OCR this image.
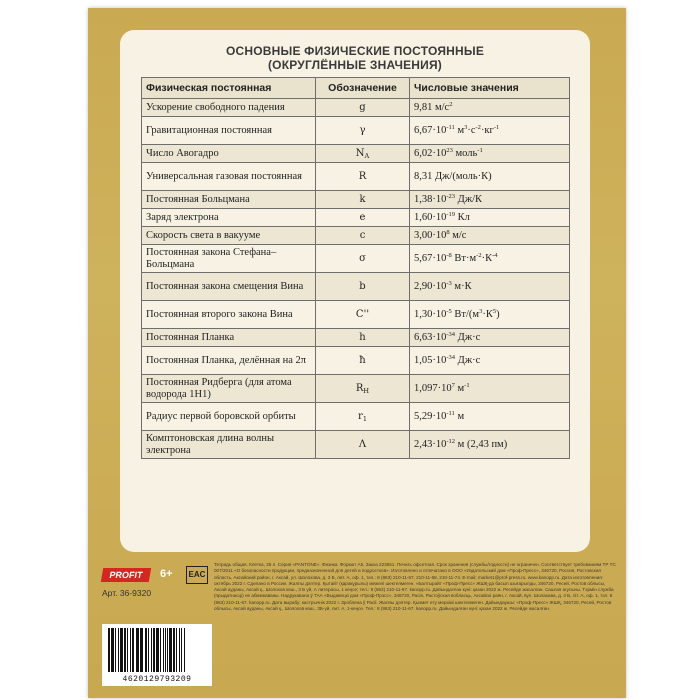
ОСНОВНЫЕ ФИЗИЧЕСКИЕ ПОСТОЯННЫЕ
(ОКРУГЛЁННЫЕ ЗНАЧЕНИЯ)
Физическая постоянная	Обозначение	Числовые значения
Ускорение свободного падения	g	9,81 $м/с^2$
Гравитационная постоянная	γ	$6,67\cdot 10^{-11}$ $м^3\cdot с^{-2}\cdot кг^{-1}$
Число Авогадро	$N_A$	$6,02\cdot 10^{23}$ моль$^{-1}$
Универсальная газовая постоянная	R	8,31 Дж/(моль·К)
Постоянная Больцмана	k	$1,38\cdot 10^{-23}$ Дж/К
Заряд электрона	e	$1,60\cdot 10^{-19}$ Кл
Скорость света в вакууме	c	$3,00\cdot 10^8$ м/с
Постоянная закона Стефана–Больцмана	σ	$5,67\cdot 10^{-8}$ $Вт\cdot м^{-2}\cdot К^{-4}$
Постоянная закона смещения Вина	b	$2,90\cdot 10^{-3}$ м·К
Постоянная второго закона Вина	C''	$1,30\cdot 10^{-5}$ $Вт/(м^3\cdot К^5)$
Постоянная Планка	h	$6,63\cdot 10^{-34}$ Дж·с
Постоянная Планка, делённая на 2π	ħ	$1,05\cdot 10^{-34}$ Дж·с
Постоянная Ридберга (для атома водорода 1Н1)	$R_H$	$1,097\cdot 10^7$ $м^{-1}$
Радиус первой боровской орбиты	$r_1$	$5,29\cdot 10^{-11}$ м
Комптоновская длина волны электрона	Λ	$2,43\cdot 10^{-12}$ м (2,43 пм)
PROFIT	6+	EAC
Арт. 36-9320
Тетрадь общая. Клетка, 36 л. Серия «PANTONE». Физика. Формат А5. Заказ 223651. Печать офсетная. Срок хранения (службы/годности) не ограничен. Соответствует требованиям ТР ТС 007/2011 «О безопасности продукции, предназначенной для детей и подростков». Изготовлено и отпечатано в ООО «Издательский дом «Проф-Пресс», 346720, Россия, Ростовская область, Аксайский район, г. Аксай, ул. Шолохова, д. 3 Б, лит. А, оф. 1, тел.: 8 (863) 210-11-67, 210-11-68, 210-11-74. E-mail: market1@prof-press.ru. www.kanopp.ru. Дата изготовления: октябрь 2022 г. Сделано в России. Жалпы дәптер. Қытайт (қаракұрылы) межелі шектелмеген. «Балтырайт «Проф-Пресс» ЖШҚ-да басып шығарылды, 346720, Ресей, Ростов облысы, Аксай ауданы, Аксай қ., Шолохов көш., 3 Б үй, А литерасы, 1 кеңсе; тел.: 8 (863) 210-11-67. kanopp.ru. Дайындалған күні: қазан 2022 ж. Ресейде жасалған. Сашгая агульны. Тэрмін служба (прыдатнасці) не абмежаваны. Надрукавана ў ТАА «Выдавецкі дом «Проф-Прэсс», 346720, Расія, Растоўская вобласць, Аксайскі раён, г. Аксай, вул. Шолахава, д. 3 Б, літ. А, оф. 1, тэл. 8 (863) 210-11-67. kanopp.ru. Дата вырабу: кастрычнік 2022 г. Зроблена ў Расіі. Жалпы дәптер. Қызмет ету мерзімі шектелмеген. Дайындаушы: «Проф-Пресс» ЖШҚ, 346720, Ресей, Ростов облысы, Аксай ауданы, Аксай қ., Шолохов көш., 3Б-үй, лит. А, 1-кеңсе. Тел.: 8 (863) 210-11-67. kanopp.ru. Дайындалған күні: қазан 2022 ж. Ресейде жасалған.
4620129793209
